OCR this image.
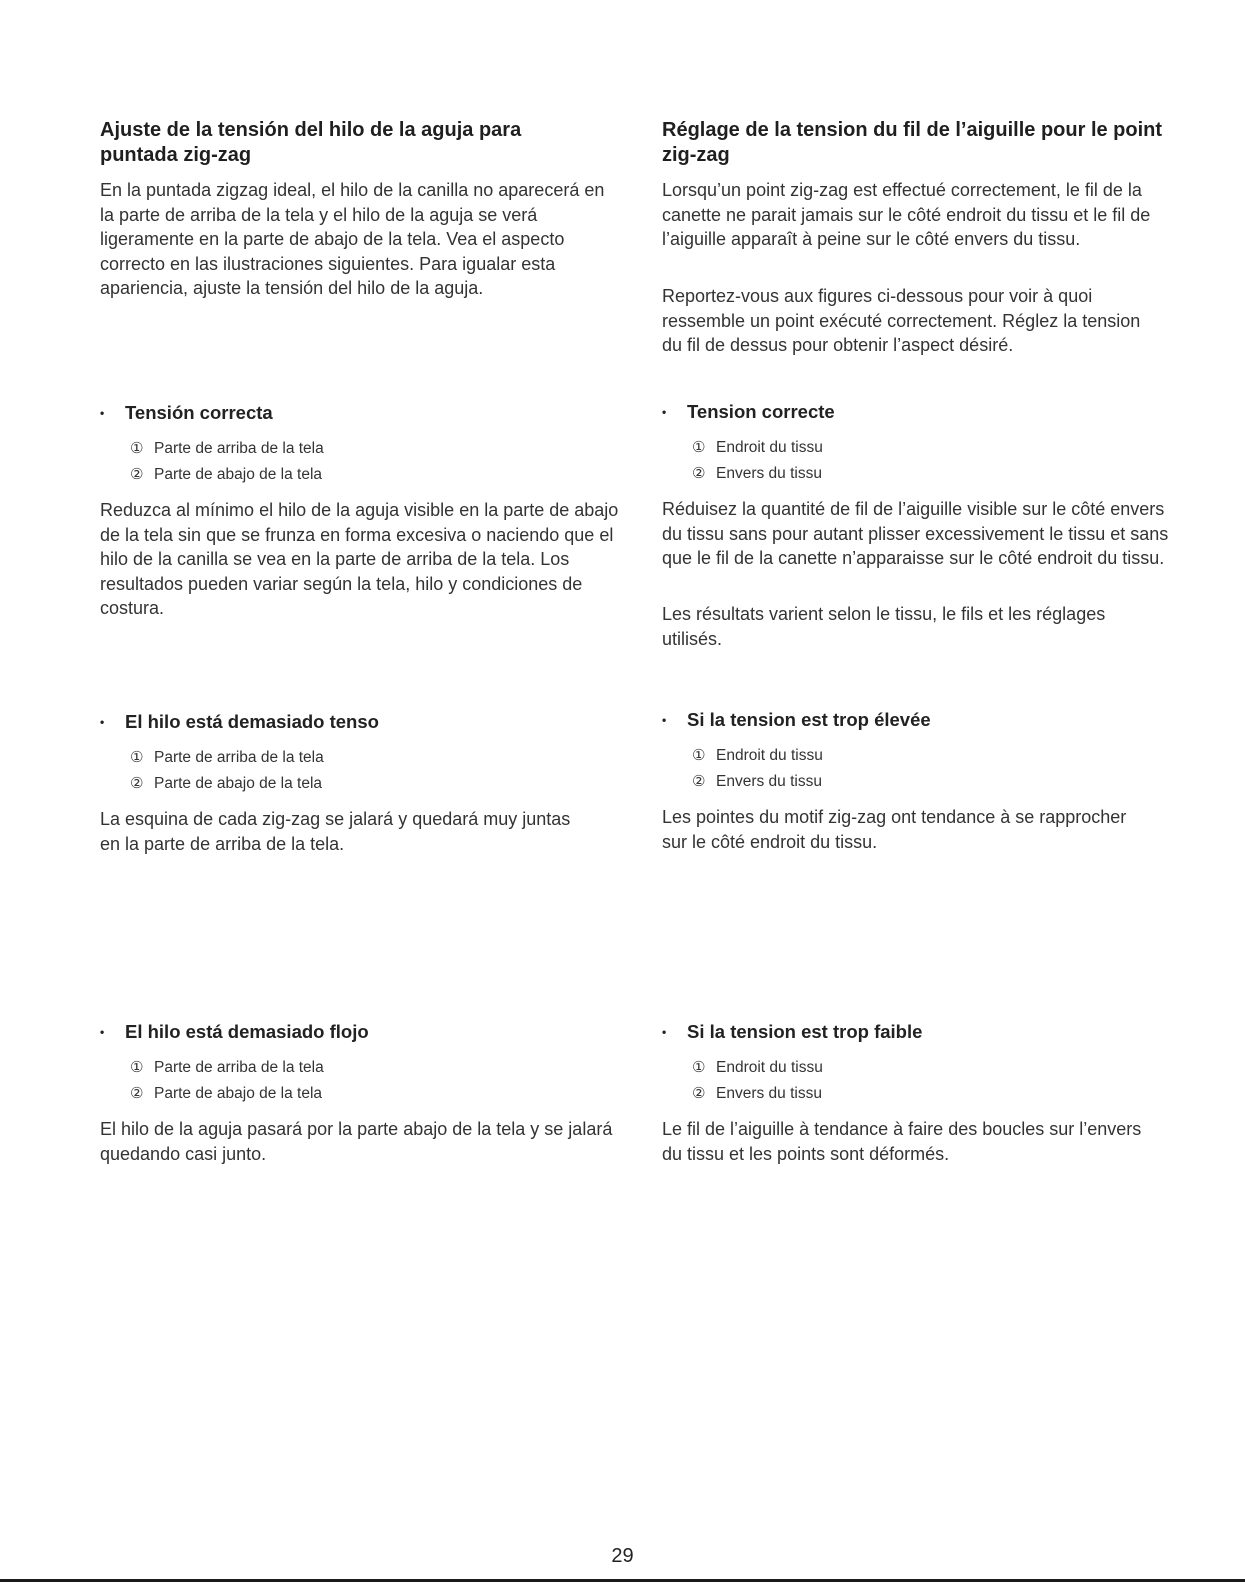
Ajuste de la tensión del hilo de la aguja para puntada zig-zag

En la puntada zigzag ideal, el hilo de la canilla no aparecerá en la parte de arriba de la tela y el hilo de la aguja se verá ligeramente en la parte de abajo de la tela. Vea el aspecto correcto en las ilustraciones siguientes. Para igualar esta apariencia, ajuste la tensión del hilo de la aguja.

• Tensión correcta

① Parte de arriba de la tela

② Parte de abajo de la tela

Reduzca al mínimo el hilo de la aguja visible en la parte de abajo de la tela sin que se frunza en forma excesiva o naciendo que el hilo de la canilla se vea en la parte de arriba de la tela. Los resultados pueden variar según la tela, hilo y condiciones de costura.

• El hilo está demasiado tenso

① Parte de arriba de la tela

② Parte de abajo de la tela

La esquina de cada zig-zag se jalará y quedará muy juntas en la parte de arriba de la tela.

• El hilo está demasiado flojo

① Parte de arriba de la tela

② Parte de abajo de la tela

El hilo de la aguja pasará por la parte abajo de la tela y se jalará quedando casi junto.

Réglage de la tension du fil de l’aiguille pour le point zig-zag

Lorsqu’un point zig-zag est effectué correctement, le fil de la canette ne parait jamais sur le côté endroit du tissu et le fil de l’aiguille apparaît à peine sur le côté envers du tissu.

Reportez-vous aux figures ci-dessous pour voir à quoi ressemble un point exécuté correctement. Réglez la tension du fil de dessus pour obtenir l’aspect désiré.

• Tension correcte

① Endroit du tissu

② Envers du tissu

Réduisez la quantité de fil de l’aiguille visible sur le côté envers du tissu sans pour autant plisser excessivement le tissu et sans que le fil de la canette n’apparaisse sur le côté endroit du tissu.

Les résultats varient selon le tissu, le fils et les réglages utilisés.

• Si la tension est trop élevée

① Endroit du tissu

② Envers du tissu

Les pointes du motif zig-zag ont tendance à se rapprocher sur le côté endroit du tissu.

• Si la tension est trop faible

① Endroit du tissu

② Envers du tissu

Le fil de l’aiguille à tendance à faire des boucles sur l’envers du tissu et les points sont déformés.

29
